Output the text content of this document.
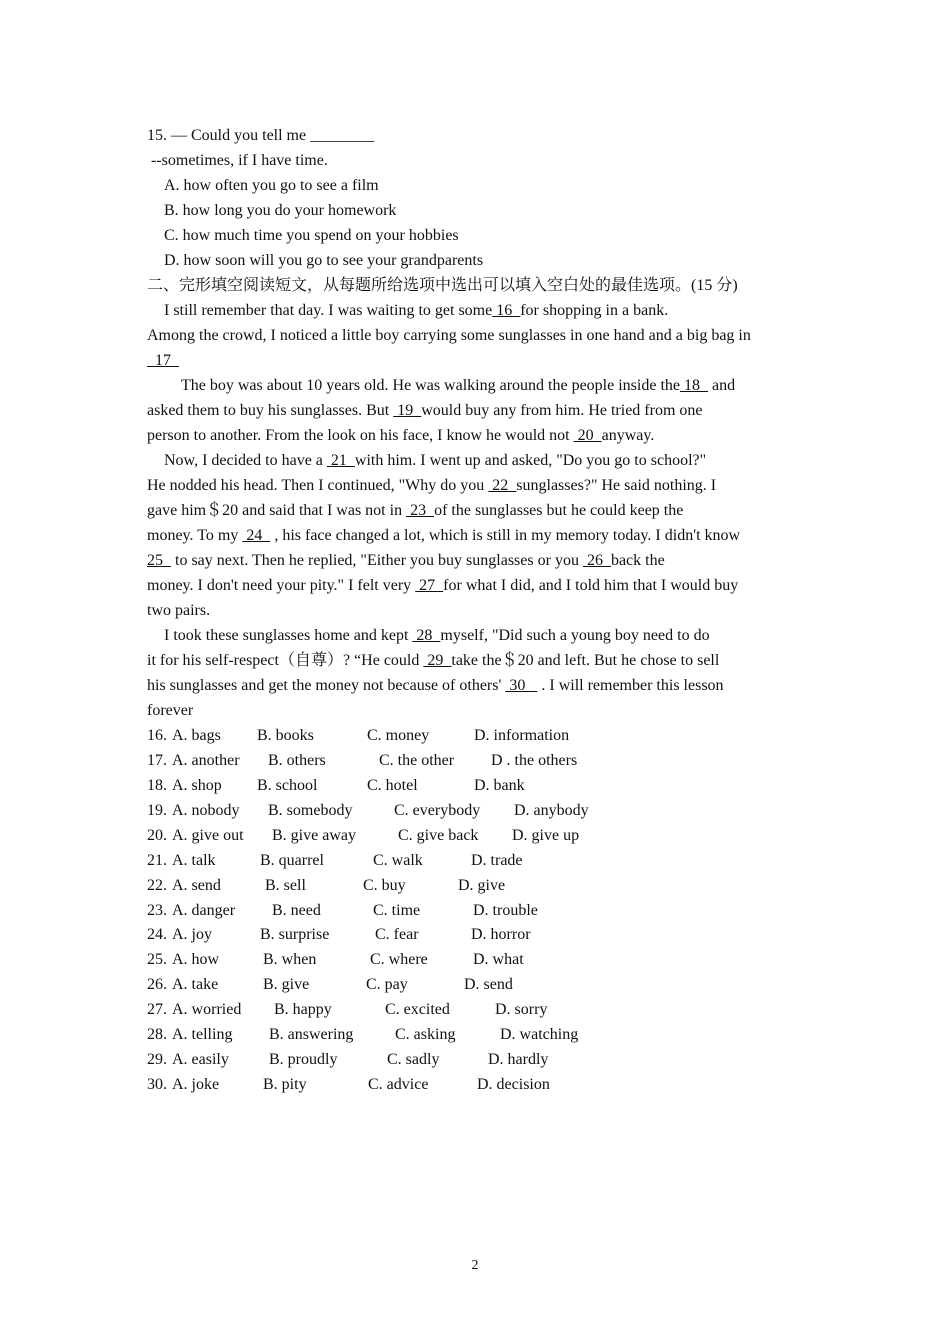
15. — Could you tell me ________
--sometimes, if I have time.
A. how often you go to see a film
B. how long you do your homework
C. how much time you spend on your hobbies
D. how soon will you go to see your grandparents
二、完形填空阅读短文，从每题所给选项中选出可以填入空白处的最佳选项。(15 分)
I still remember that day. I was waiting to get some 16  for shopping in a bank.
Among the crowd, I noticed a little boy carrying some sunglasses in one hand and a big bag in
17
The boy was about 10 years old. He was walking around the people inside the 18   and
asked them to buy his sunglasses. But  19  would buy any from him. He tried from one
person to another. From the look on his face, I know he would not  20  anyway.
Now, I decided to have a  21  with him. I went up and asked, "Do you go to school?"
He nodded his head. Then I continued, "Why do you  22  sunglasses?" He said nothing. I
gave him＄20 and said that I was not in  23  of the sunglasses but he could keep the
money. To my  24   , his face changed a lot, which is still in my memory today. I didn't know
25   to say next. Then he replied, "Either you buy sunglasses or you  26  back the
money. I don't need your pity." I felt very  27  for what I did, and I told him that I would buy
two pairs.
I took these sunglasses home and kept  28  myself, "Did such a young boy need to do
it for his self-respect（自尊）? “He could  29  take the＄20 and left. But he chose to sell
his sunglasses and get the money not because of others'  30    . I will remember this lesson
forever
16. A. bags B. books	C. money	D. information
17. A. another B. others	C. the other D . the others
18. A. shop B. school	C. hotel	D. bank
19. A. nobody B. somebody	C. everybody D. anybody
20. A. give out B. give away	C. give back D. give up
21. A. talk	B. quarrel	C. walk	D. trade
22. A. send	B. sell	C. buy	D. give
23. A. danger B. need	C. time	D. trouble
24. A. joy	B. surprise	C. fear	D. horror
25. A. how	B. when	C. where	D. what
26. A. take	B. give	C. pay	D. send
27. A. worried B. happy	C. excited	D. sorry
28. A. telling B. answering	C. asking	D. watching
29. A. easily	B. proudly	C. sadly	D. hardly
30. A. joke	B. pity	C. advice	D. decision
2
